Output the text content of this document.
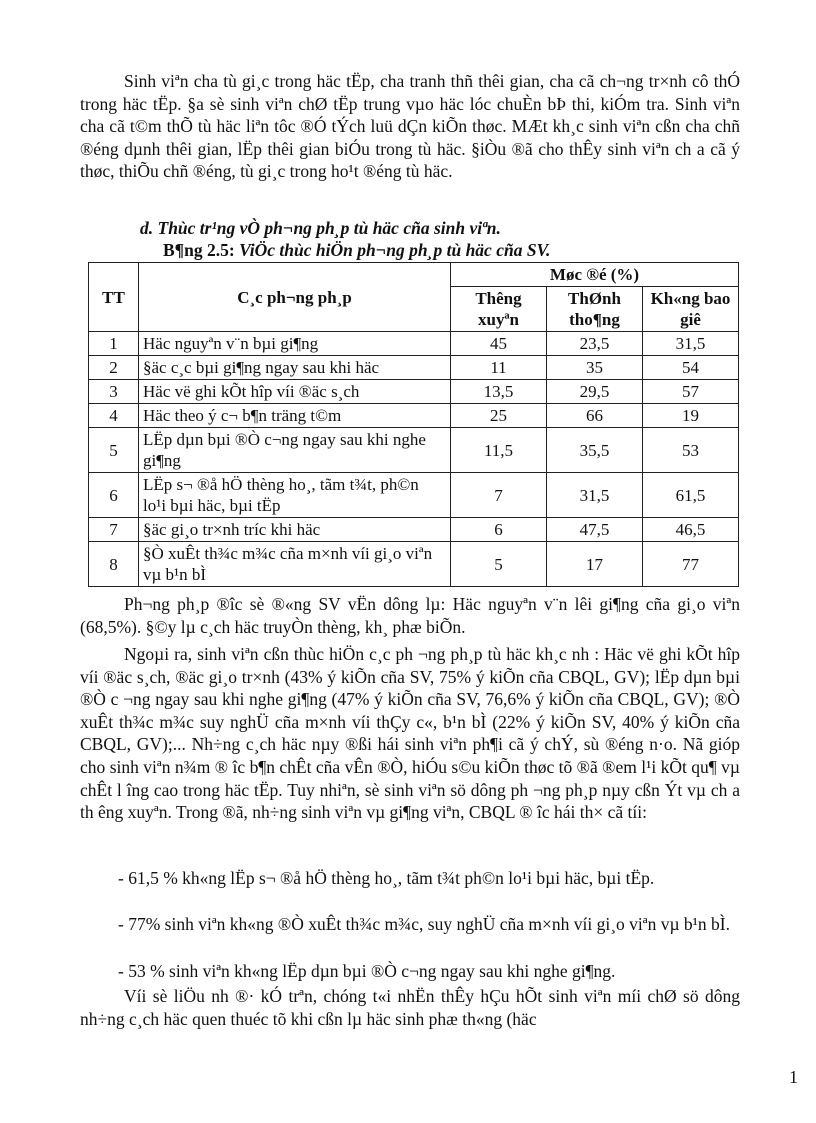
Sinh viªn cha tù gi¸c trong häc tËp, cha tranh thñ thêi gian, cha cã ch¬ng tr×nh cô thÓ trong häc tËp. §a sè sinh viªn chØ tËp trung vµo häc lóc chuÈn bÞ thi, kiÓm tra. Sinh viªn cha cã t©m thÕ tù häc liªn tôc ®Ó tÝch luü dÇn kiÕn thøc. MÆt kh¸c sinh viªn cßn cha chñ ®éng dµnh thêi gian, lËp thêi gian biÓu trong tù häc. §iÒu ®ã cho thÊy sinh viªn ch a cã ý thøc, thiÕu chñ ®éng, tù gi¸c trong ho¹t ®éng tù häc.

d. Thùc tr¹ng vÒ ph¬ng ph¸p tù häc cña sinh viªn.

B¶ng 2.5: ViÖc thùc hiÖn ph¬ng ph¸p tù häc cña SV.

TT	C¸c ph¬ng ph¸p	Møc ®é (%)		
		Thêng xuyªn	ThØnh tho¶ng	Kh«ng bao giê
1	Häc nguyªn v¨n bµi gi¶ng	45	23,5	31,5
2	§äc c¸c bµi gi¶ng ngay sau khi häc	11	35	54
3	Häc vë ghi kÕt hîp víi ®äc s¸ch	13,5	29,5	57
4	Häc theo ý c¬ b¶n träng t©m	25	66	19
5	LËp dµn bµi ®Ò c¬ng ngay sau khi nghe gi¶ng	11,5	35,5	53
6	LËp s¬ ®å hÖ thèng ho¸, tãm t¾t, ph©n lo¹i bµi häc, bµi tËp	7	31,5	61,5
7	§äc gi¸o tr×nh tríc khi häc	6	47,5	46,5
8	§Ò xuÊt th¾c m¾c cña m×nh víi gi¸o viªn vµ b¹n bÌ	5	17	77

Ph¬ng ph¸p ®îc sè ®«ng SV vËn dông lµ: Häc nguyªn v¨n lêi gi¶ng cña gi¸o viªn (68,5%). §©y lµ c¸ch häc truyÒn thèng, kh¸ phæ biÕn.

Ngoµi ra, sinh viªn cßn thùc hiÖn c¸c ph ¬ng ph¸p tù häc kh¸c nh : Häc vë ghi kÕt hîp víi ®äc s¸ch, ®äc gi¸o tr×nh (43% ý kiÕn cña SV, 75% ý kiÕn cña CBQL, GV); lËp dµn bµi ®Ò c ¬ng ngay sau khi nghe gi¶ng (47% ý kiÕn cña SV, 76,6% ý kiÕn cña CBQL, GV); ®Ò xuÊt th¾c m¾c suy nghÜ cña m×nh víi thÇy c«, b¹n bÌ (22% ý kiÕn SV, 40% ý kiÕn cña CBQL, GV);... Nh÷ng c¸ch häc nµy ®ßi hái sinh viªn ph¶i cã ý chÝ, sù ®éng n·o. Nã gióp cho sinh viªn n¾m ® îc b¶n chÊt cña vÊn ®Ò, hiÓu s©u kiÕn thøc tõ ®ã ®em l¹i kÕt qu¶ vµ chÊt l îng cao trong häc tËp. Tuy nhiªn, sè sinh viªn sö dông ph ¬ng ph¸p nµy cßn Ýt vµ ch a th êng xuyªn. Trong ®ã, nh÷ng sinh viªn vµ gi¶ng viªn, CBQL ® îc hái th× cã tíi:

- 61,5 % kh«ng lËp s¬ ®å hÖ thèng ho¸, tãm t¾t ph©n lo¹i bµi häc, bµi tËp.

- 77% sinh viªn kh«ng ®Ò xuÊt th¾c m¾c, suy nghÜ cña m×nh víi gi¸o viªn vµ b¹n bÌ.

- 53 % sinh viªn kh«ng lËp dµn bµi ®Ò c¬ng ngay sau khi nghe gi¶ng.

Víi sè liÖu nh ®· kÓ trªn, chóng t«i nhËn thÊy hÇu hÕt sinh viªn míi chØ sö dông nh÷ng c¸ch häc quen thuéc tõ khi cßn lµ häc sinh phæ th«ng (häc

1
